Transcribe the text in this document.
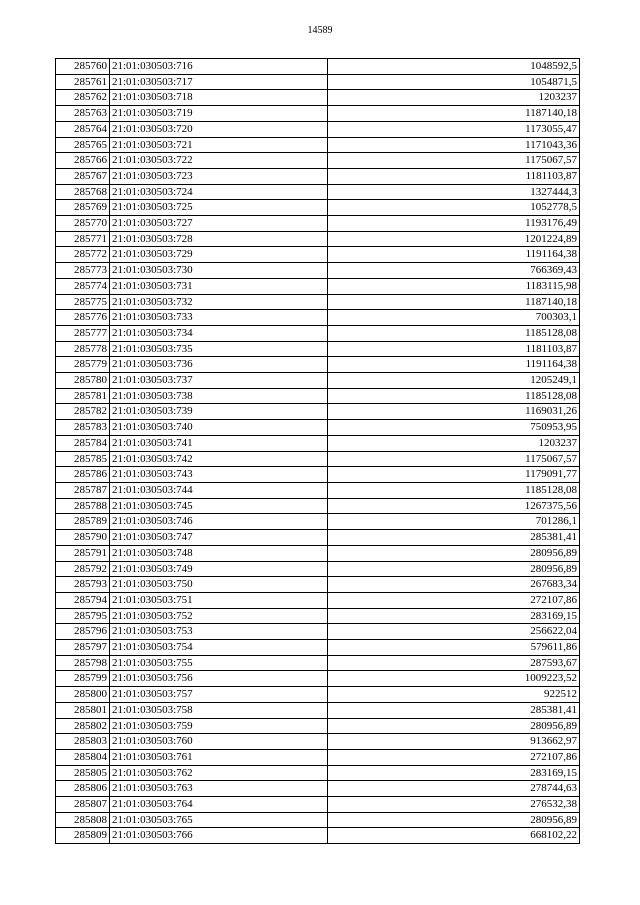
14589
285760	21:01:030503:716	1048592,5
285761	21:01:030503:717	1054871,5
285762	21:01:030503:718	1203237
285763	21:01:030503:719	1187140,18
285764	21:01:030503:720	1173055,47
285765	21:01:030503:721	1171043,36
285766	21:01:030503:722	1175067,57
285767	21:01:030503:723	1181103,87
285768	21:01:030503:724	1327444,3
285769	21:01:030503:725	1052778,5
285770	21:01:030503:727	1193176,49
285771	21:01:030503:728	1201224,89
285772	21:01:030503:729	1191164,38
285773	21:01:030503:730	766369,43
285774	21:01:030503:731	1183115,98
285775	21:01:030503:732	1187140,18
285776	21:01:030503:733	700303,1
285777	21:01:030503:734	1185128,08
285778	21:01:030503:735	1181103,87
285779	21:01:030503:736	1191164,38
285780	21:01:030503:737	1205249,1
285781	21:01:030503:738	1185128,08
285782	21:01:030503:739	1169031,26
285783	21:01:030503:740	750953,95
285784	21:01:030503:741	1203237
285785	21:01:030503:742	1175067,57
285786	21:01:030503:743	1179091,77
285787	21:01:030503:744	1185128,08
285788	21:01:030503:745	1267375,56
285789	21:01:030503:746	701286,1
285790	21:01:030503:747	285381,41
285791	21:01:030503:748	280956,89
285792	21:01:030503:749	280956,89
285793	21:01:030503:750	267683,34
285794	21:01:030503:751	272107,86
285795	21:01:030503:752	283169,15
285796	21:01:030503:753	256622,04
285797	21:01:030503:754	579611,86
285798	21:01:030503:755	287593,67
285799	21:01:030503:756	1009223,52
285800	21:01:030503:757	922512
285801	21:01:030503:758	285381,41
285802	21:01:030503:759	280956,89
285803	21:01:030503:760	913662,97
285804	21:01:030503:761	272107,86
285805	21:01:030503:762	283169,15
285806	21:01:030503:763	278744,63
285807	21:01:030503:764	276532,38
285808	21:01:030503:765	280956,89
285809	21:01:030503:766	668102,22
